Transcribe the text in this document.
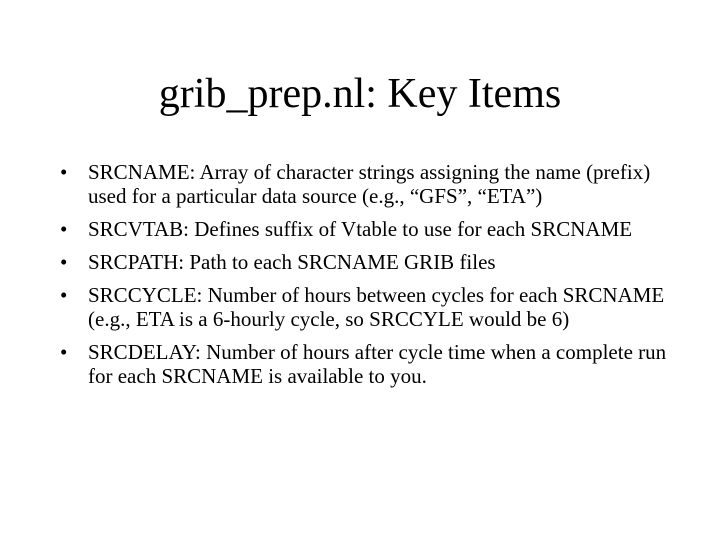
grib_prep.nl: Key Items
• SRCNAME: Array of character strings assigning the name (prefix) used for a particular data source (e.g., “GFS”, “ETA”)
• SRCVTAB: Defines suffix of Vtable to use for each SRCNAME
• SRCPATH: Path to each SRCNAME GRIB files
• SRCCYCLE: Number of hours between cycles for each SRCNAME (e.g., ETA is a 6-hourly cycle, so SRCCYLE would be 6)
• SRCDELAY: Number of hours after cycle time when a complete run for each SRCNAME is available to you.
